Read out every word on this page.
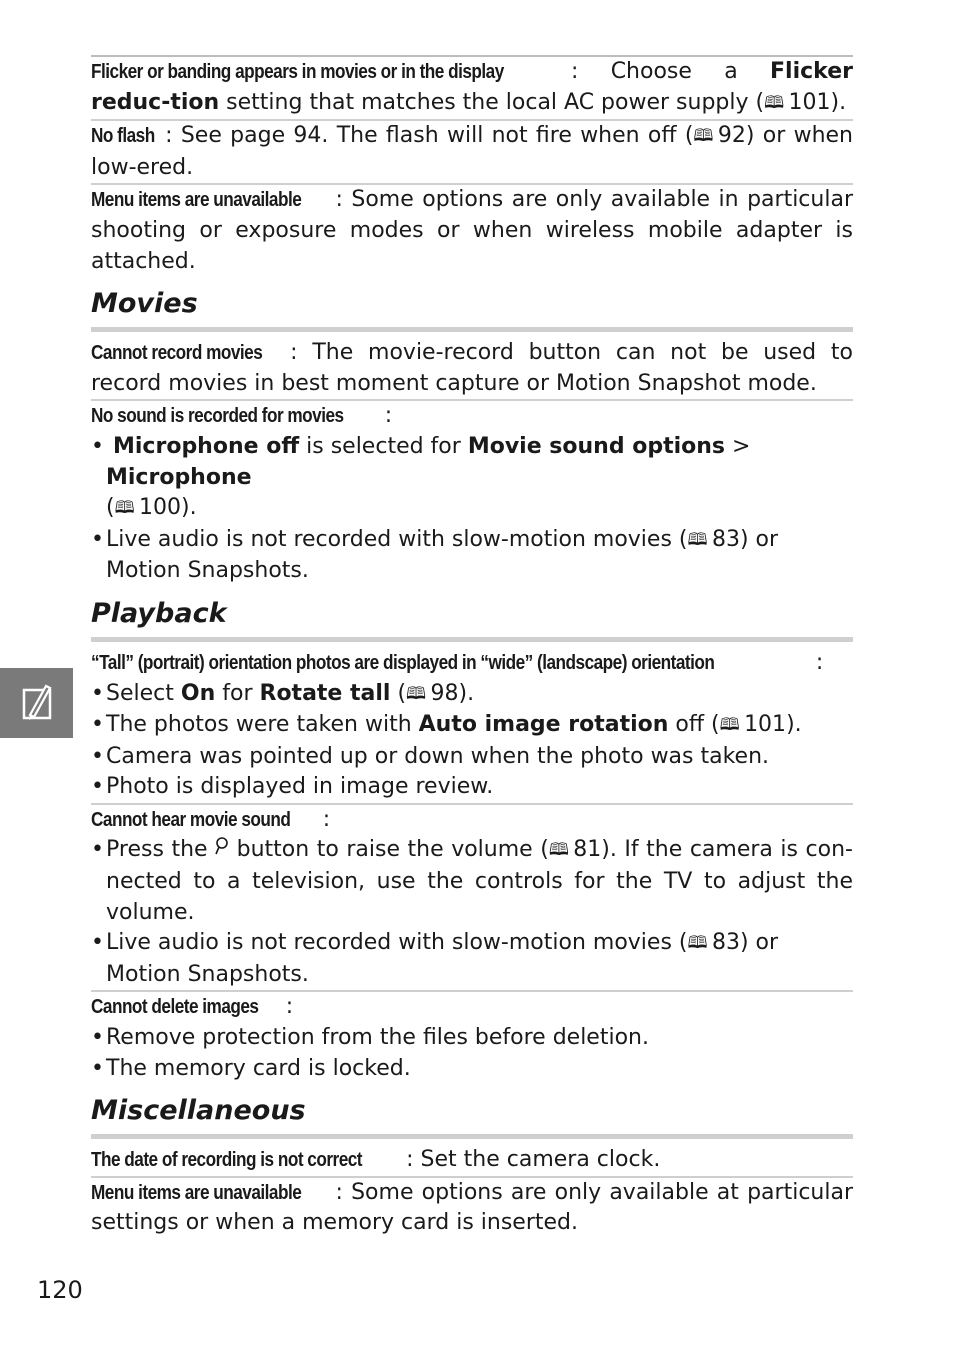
Flicker or banding appears in movies or in the display	: Choose a Flicker reduc-tion setting that matches the local AC power supply (🕮  101).

No flash : See page 94. The flash will not fire when off (🕮  92) or when low-ered.

Menu items are unavailable : Some options are only available in particular shooting or exposure modes or when wireless mobile adapter is attached.

Movies

Cannot record movies : The movie-record button can not be used to record movies in best moment capture or Motion Snapshot mode.

No sound is recorded for movies :

• Microphone off is selected for Movie sound options > Microphone
(🕮  100).
• Live audio is not recorded with slow-motion movies (🕮  83) or Motion Snapshots.
Playback

“Tall” (portrait) orientation photos are displayed in “wide” (landscape) orientation	:

• Select On for Rotate tall (🕮  98).
• The photos were taken with Auto image rotation off (🕮  101).
• Camera was pointed up or down when the photo was taken.
• Photo is displayed in image review.

Cannot hear movie sound :

• Press the  button to raise the volume (🕮  81). If the camera is con-nected to a television, use the controls for the TV to adjust the volume.
• Live audio is not recorded with slow-motion movies (🕮  83) or Motion Snapshots.

Cannot delete images :

• Remove protection from the files before deletion.
• The memory card is locked.
Miscellaneous

The date of recording is not correct : Set the camera clock.

Menu items are unavailable : Some options are only available at particular settings or when a memory card is inserted.

120
